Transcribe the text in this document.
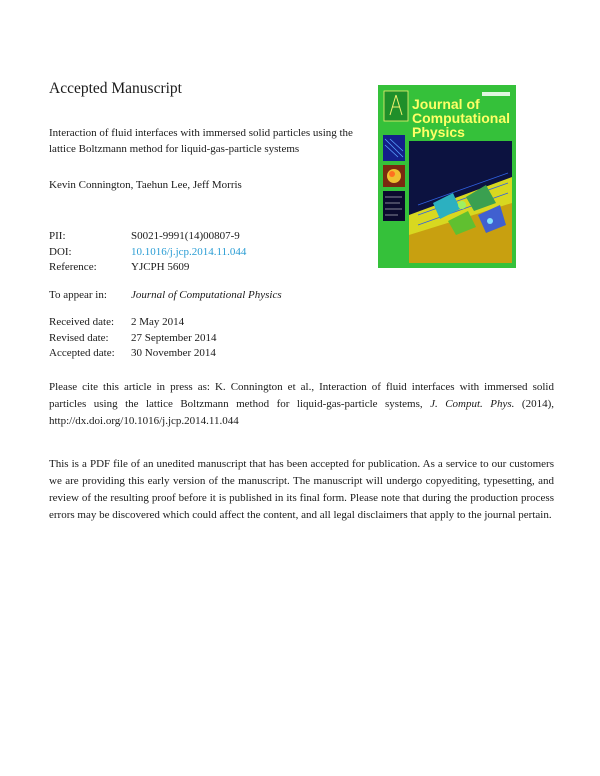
Accepted Manuscript
Interaction of fluid interfaces with immersed solid particles using the lattice Boltzmann method for liquid-gas-particle systems
Kevin Connington, Taehun Lee, Jeff Morris
PII:	S0021-9991(14)00807-9
DOI:	10.1016/j.jcp.2014.11.044
Reference:	YJCPH 5609
To appear in: Journal of Computational Physics
Received date: 2 May 2014
Revised date: 27 September 2014
Accepted date: 30 November 2014
Please cite this article in press as: K. Connington et al., Interaction of fluid interfaces with immersed solid particles using the lattice Boltzmann method for liquid-gas-particle systems, J. Comput. Phys. (2014), http://dx.doi.org/10.1016/j.jcp.2014.11.044
This is a PDF file of an unedited manuscript that has been accepted for publication. As a service to our customers we are providing this early version of the manuscript. The manuscript will undergo copyediting, typesetting, and review of the resulting proof before it is published in its final form. Please note that during the production process errors may be discovered which could affect the content, and all legal disclaimers that apply to the journal pertain.
Journal of
Computational
Physics
